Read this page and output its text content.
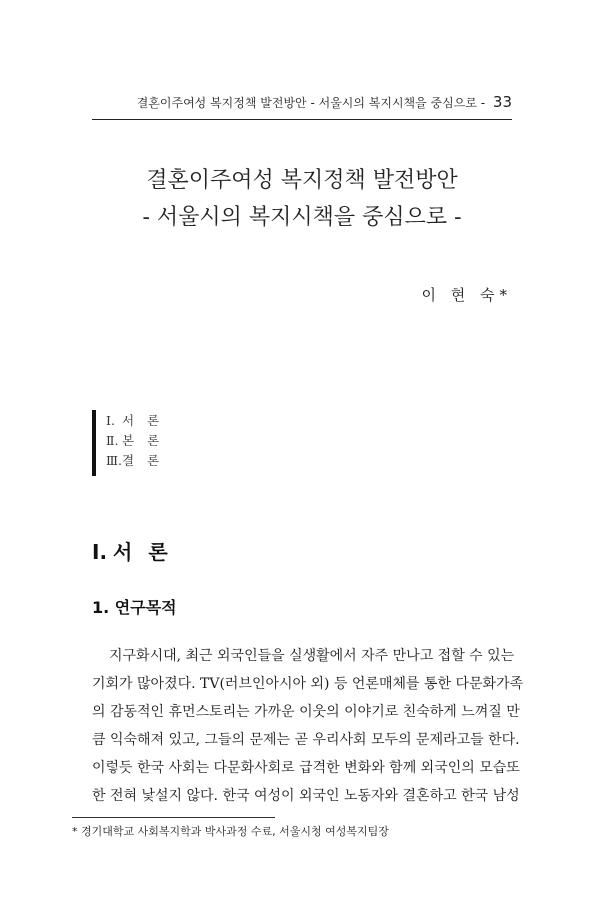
결혼이주여성 복지정책 발전방안 - 서울시의 복지시책을 중심으로 - 33
결혼이주여성 복지정책 발전방안
- 서울시의 복지시책을 중심으로 -
이 현 숙*
Ⅰ. 서론
Ⅱ. 본론
Ⅲ.결론
Ⅰ. 서론
1. 연구목적
지구화시대, 최근 외국인들을 실생활에서 자주 만나고 접할 수 있는
기회가 많아졌다. TV(러브인아시아 외) 등 언론매체를 통한 다문화가족
의 감동적인 휴먼스토리는 가까운 이웃의 이야기로 친숙하게 느껴질 만
큼 익숙해져 있고, 그들의 문제는 곧 우리사회 모두의 문제라고들 한다.
이렇듯 한국 사회는 다문화사회로 급격한 변화와 함께 외국인의 모습또
한 전혀 낯설지 않다. 한국 여성이 외국인 노동자와 결혼하고 한국 남성
* 경기대학교 사회복지학과 박사과정 수료, 서울시청 여성복지팀장
